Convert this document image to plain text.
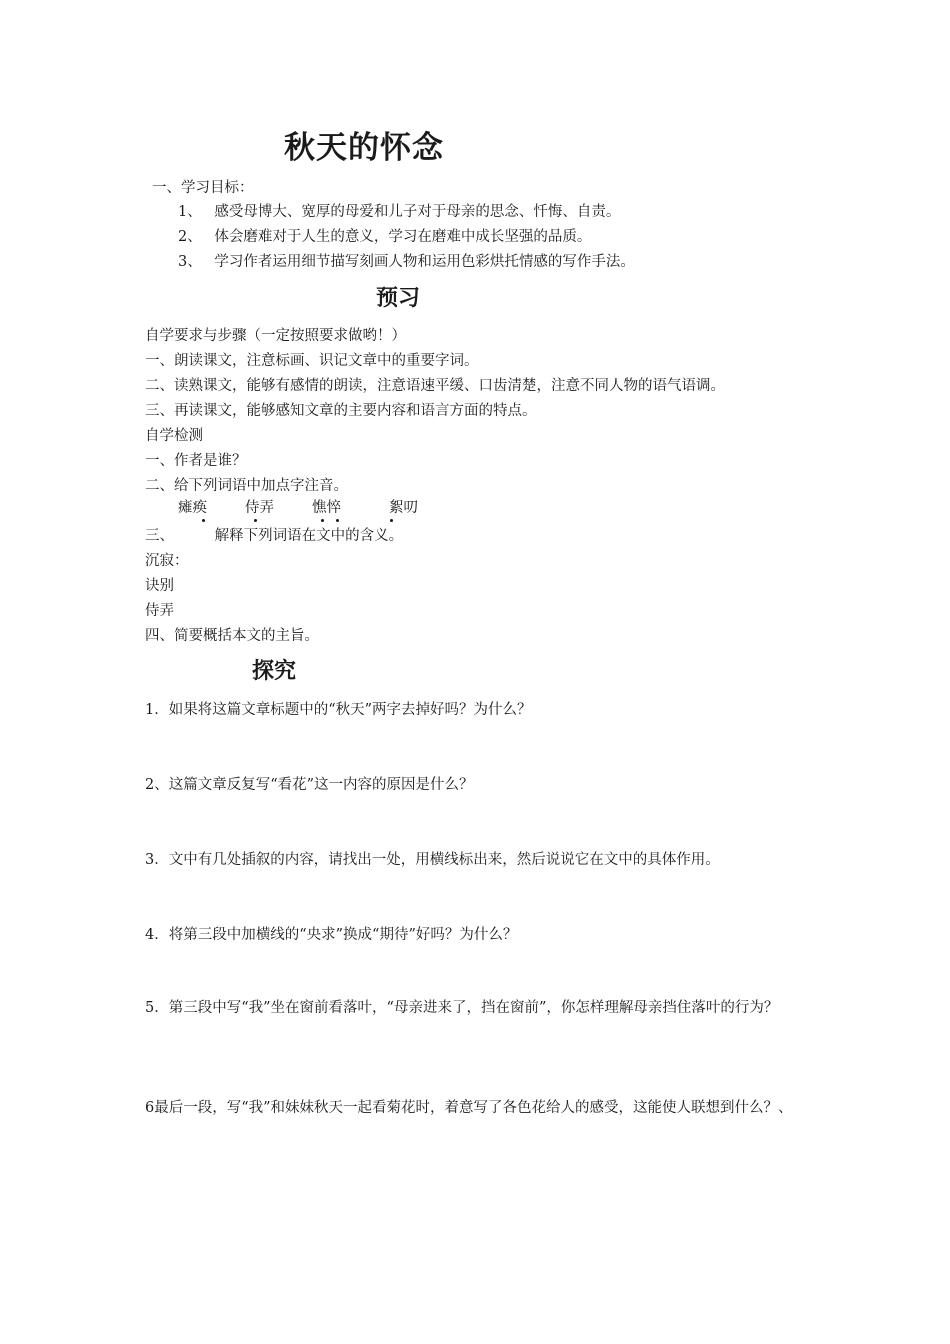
秋天的怀念
一、学习目标：
1、 感受母博大、宽厚的母爱和儿子对于母亲的思念、忏悔、自责。
2、 体会磨难对于人生的意义，学习在磨难中成长坚强的品质。
3、 学习作者运用细节描写刻画人物和运用色彩烘托情感的写作手法。
预习
自学要求与步骤（一定按照要求做哟！）
一、朗读课文，注意标画、识记文章中的重要字词。
二、读熟课文，能够有感情的朗读，注意语速平缓、口齿清楚，注意不同人物的语气语调。
三、再读课文，能够感知文章的主要内容和语言方面的特点。
自学检测
一、作者是谁？
二、给下列词语中加点字注音。
瘫痪	侍弄	憔悴	絮叨
三、	解释下列词语在文中的含义。
沉寂：
诀别
侍弄
四、简要概括本文的主旨。
探究
1．如果将这篇文章标题中的“秋天”两字去掉好吗？为什么？
2、这篇文章反复写“看花”这一内容的原因是什么？
3．文中有几处插叙的内容，请找出一处，用横线标出来，然后说说它在文中的具体作用。
4．将第三段中加横线的“央求”换成“期待”好吗？为什么？
5．第三段中写“我”坐在窗前看落叶，“母亲进来了，挡在窗前”，你怎样理解母亲挡住落叶的行为？
6最后一段，写“我”和妹妹秋天一起看菊花时，着意写了各色花给人的感受，这能使人联想到什么？、
